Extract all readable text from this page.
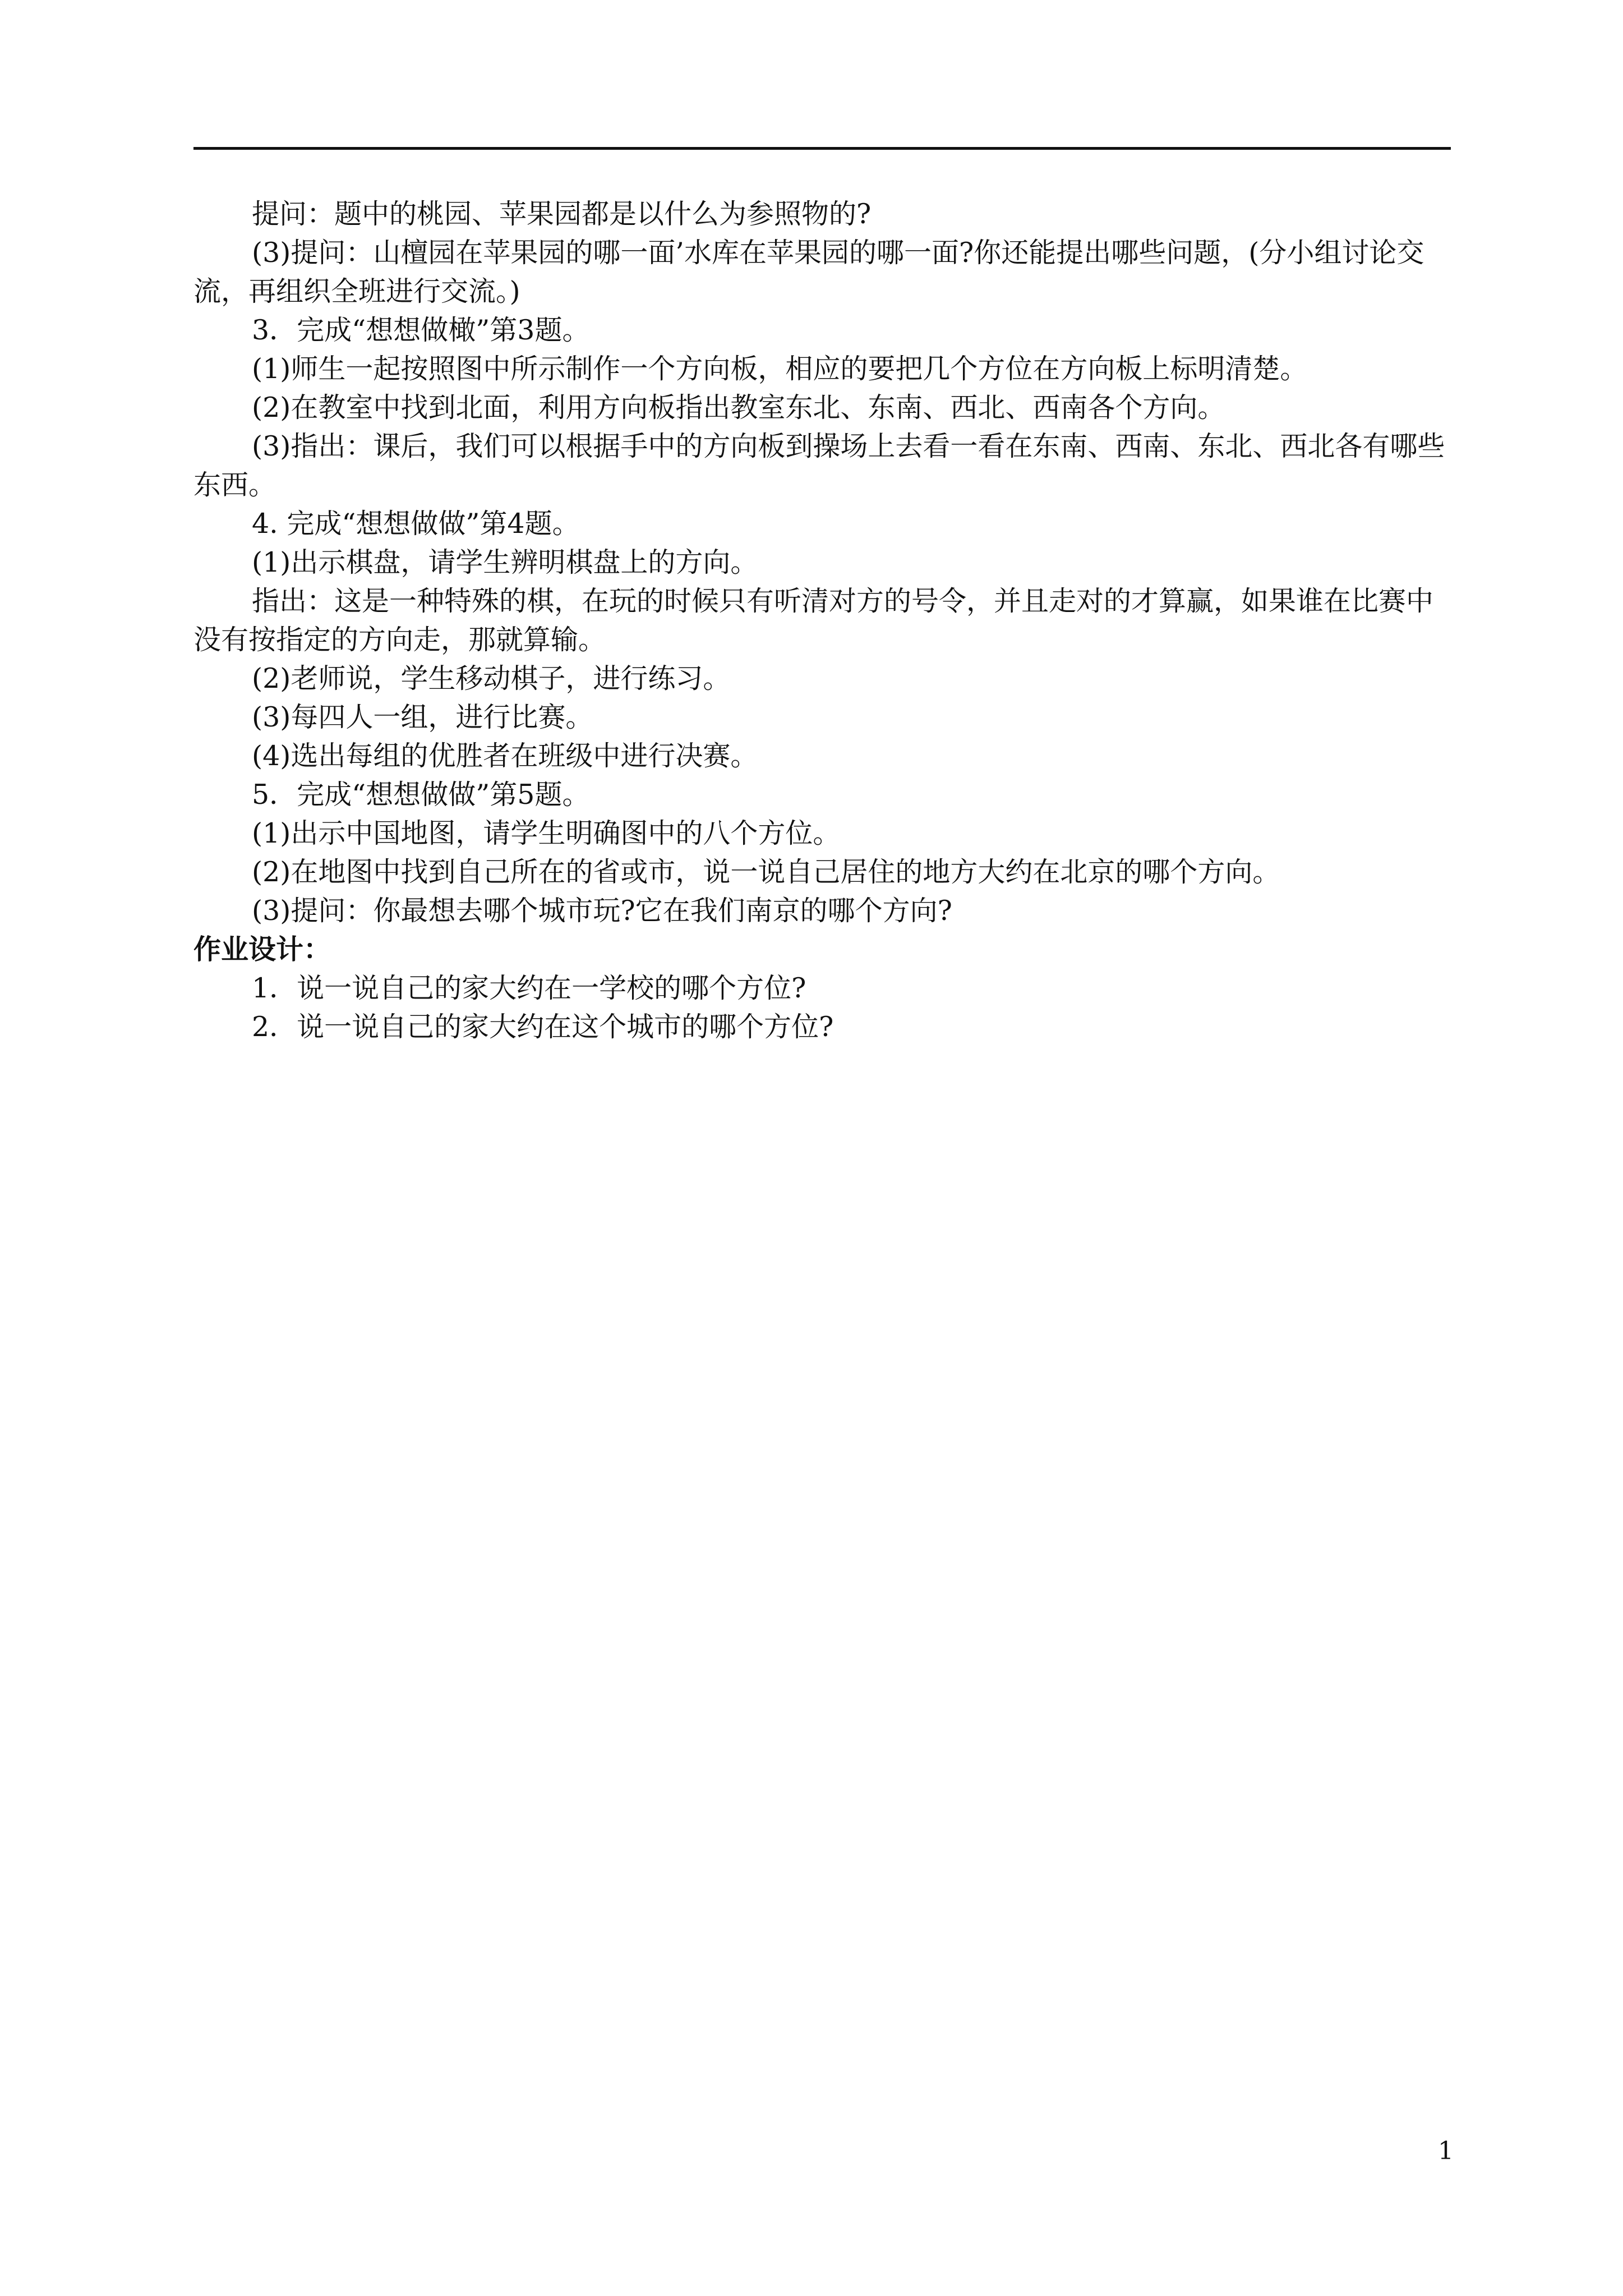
提问：题中的桃园、苹果园都是以什么为参照物的?

(3)提问：山檀园在苹果园的哪一面’水库在苹果园的哪一面?你还能提出哪些问题，(分小组讨论交流，再组织全班进行交流。)

3．完成“想想做橄”第3题。

(1)师生一起按照图中所示制作一个方向板，相应的要把几个方位在方向板上标明清楚。

(2)在教室中找到北面，利用方向板指出教室东北、东南、西北、西南各个方向。

(3)指出：课后，我们可以根据手中的方向板到操场上去看一看在东南、西南、东北、西北各有哪些东西。

4. 完成“想想做做”第4题。

(1)出示棋盘，请学生辨明棋盘上的方向。

指出：这是一种特殊的棋，在玩的时候只有听清对方的号令，并且走对的才算赢，如果谁在比赛中没有按指定的方向走，那就算输。

(2)老师说，学生移动棋子，进行练习。

(3)每四人一组，进行比赛。

(4)选出每组的优胜者在班级中进行决赛。

5．完成“想想做做”第5题。

(1)出示中国地图，请学生明确图中的八个方位。

(2)在地图中找到自己所在的省或市，说一说自己居住的地方大约在北京的哪个方向。

(3)提问：你最想去哪个城市玩?它在我们南京的哪个方向?

作业设计：

1．说一说自己的家大约在一学校的哪个方位?

2．说一说自己的家大约在这个城市的哪个方位?

1
